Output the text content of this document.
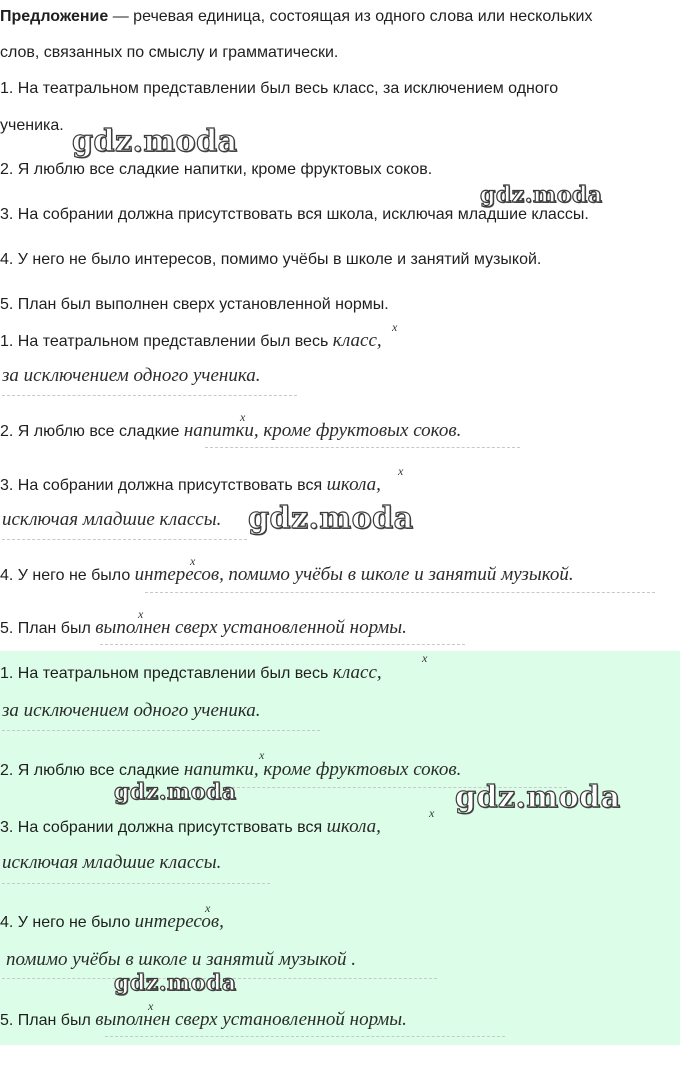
Предложение — речевая единица, состоящая из одного слова или нескольких
слов, связанных по смыслу и грамматически.
1. На театральном представлении был весь класс, за исключением одного
ученика.
2. Я люблю все сладкие напитки, кроме фруктовых соков.
3. На собрании должна присутствовать вся школа, исключая младшие классы.
4. У него не было интересов, помимо учёбы в школе и занятий музыкой.
5. План был выполнен сверх установленной нормы.
1. На театральном представлении был весь класс,
x
за исключением одного ученика.
2. Я люблю все сладкие напитки, кроме фруктовых соков.
x
3. На собрании должна присутствовать вся школа,
x
исключая младшие классы.
4. У него не было интересов, помимо учёбы в школе и занятий музыкой.
x
5. План был выполнен сверх установленной нормы.
x
1. На театральном представлении был весь класс,
x
за исключением одного ученика.
2. Я люблю все сладкие напитки, кроме фруктовых соков.
x
3. На собрании должна присутствовать вся школа,
x
исключая младшие классы.
4. У него не было интересов,
x
помимо учёбы в школе и занятий музыкой .
5. План был выполнен сверх установленной нормы.
x
gdz.moda
gdz.moda
gdz.moda
gdz.moda	gdz.moda
gdz.moda
